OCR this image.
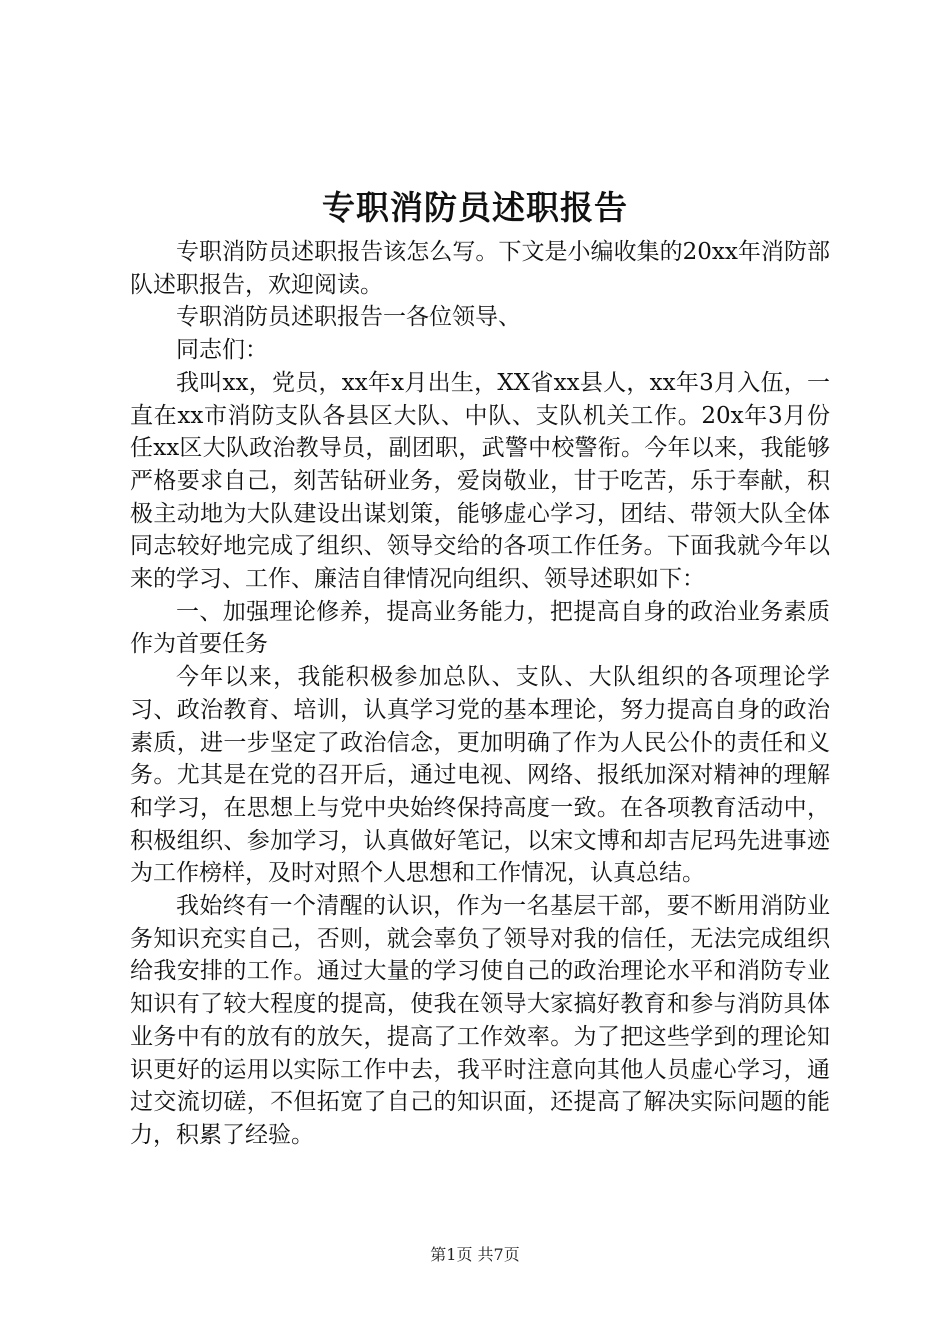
专职消防员述职报告

专职消防员述职报告该怎么写。下文是小编收集的20xx年消防部队述职报告，欢迎阅读。

专职消防员述职报告一各位领导、

同志们：

我叫xx，党员，xx年x月出生，XX省xx县人，xx年3月入伍，一直在xx市消防支队各县区大队、中队、支队机关工作。20x年3月份任xx区大队政治教导员，副团职，武警中校警衔。今年以来，我能够严格要求自己，刻苦钻研业务，爱岗敬业，甘于吃苦，乐于奉献，积极主动地为大队建设出谋划策，能够虚心学习，团结、带领大队全体同志较好地完成了组织、领导交给的各项工作任务。下面我就今年以来的学习、工作、廉洁自律情况向组织、领导述职如下：

一、加强理论修养，提高业务能力，把提高自身的政治业务素质作为首要任务

今年以来，我能积极参加总队、支队、大队组织的各项理论学习、政治教育、培训，认真学习党的基本理论，努力提高自身的政治素质，进一步坚定了政治信念，更加明确了作为人民公仆的责任和义务。尤其是在党的召开后，通过电视、网络、报纸加深对精神的理解和学习，在思想上与党中央始终保持高度一致。在各项教育活动中，积极组织、参加学习，认真做好笔记，以宋文博和却吉尼玛先进事迹为工作榜样，及时对照个人思想和工作情况，认真总结。

我始终有一个清醒的认识，作为一名基层干部，要不断用消防业务知识充实自己，否则，就会辜负了领导对我的信任，无法完成组织给我安排的工作。通过大量的学习使自己的政治理论水平和消防专业知识有了较大程度的提高，使我在领导大家搞好教育和参与消防具体业务中有的放有的放矢，提高了工作效率。为了把这些学到的理论知识更好的运用以实际工作中去，我平时注意向其他人员虚心学习，通过交流切磋，不但拓宽了自己的知识面，还提高了解决实际问题的能力，积累了经验。

第1页 共7页
